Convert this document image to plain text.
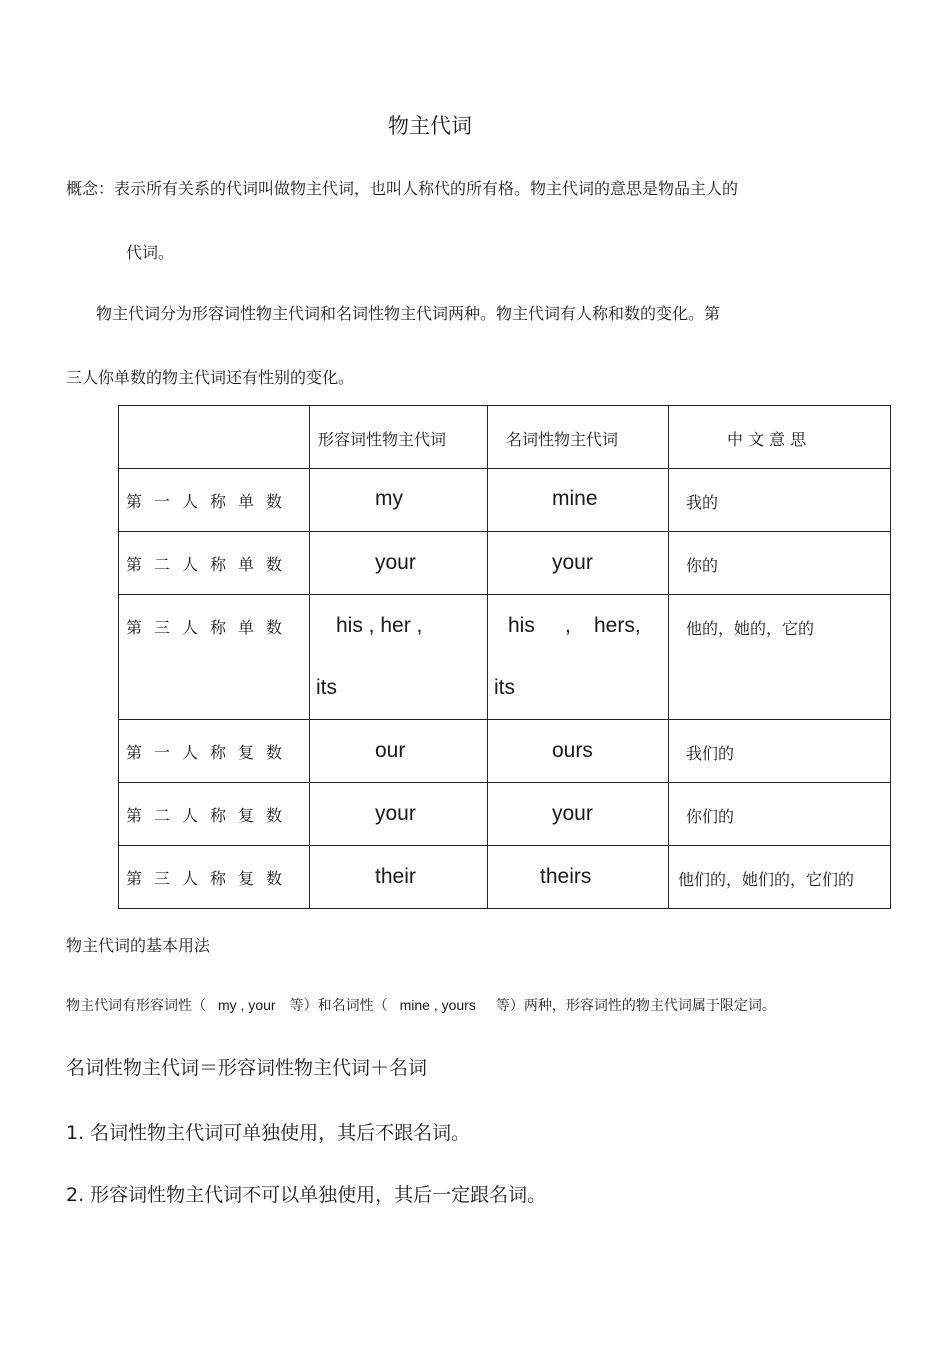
物主代词
概念：表示所有关系的代词叫做物主代词，也叫人称代的所有格。物主代词的意思是物品主人的
代词。
物主代词分为形容词性物主代词和名词性物主代词两种。物主代词有人称和数的变化。第
三人你单数的物主代词还有性别的变化。

	形容词性物主代词	名词性物主代词	中 文 意 思

第一人称单数	my	mine	我的

第二人称单数	your	your	你的

第三人称单数	his , her ,
its	his , hers,
its	他的，她的，它的

第一人称复数	our	ours	我们的

第二人称复数	your	your	你们的

第三人称复数	their	theirs	他们的，她们的，它们的
物主代词的基本用法
物主代词有形容词性（ my , your 等）和名词性（ mine , yours 等）两种，形容词性的物主代词属于限定词。
名词性物主代词＝形容词性物主代词＋名词
1. 名词性物主代词可单独使用，其后不跟名词。
2. 形容词性物主代词不可以单独使用，其后一定跟名词。
